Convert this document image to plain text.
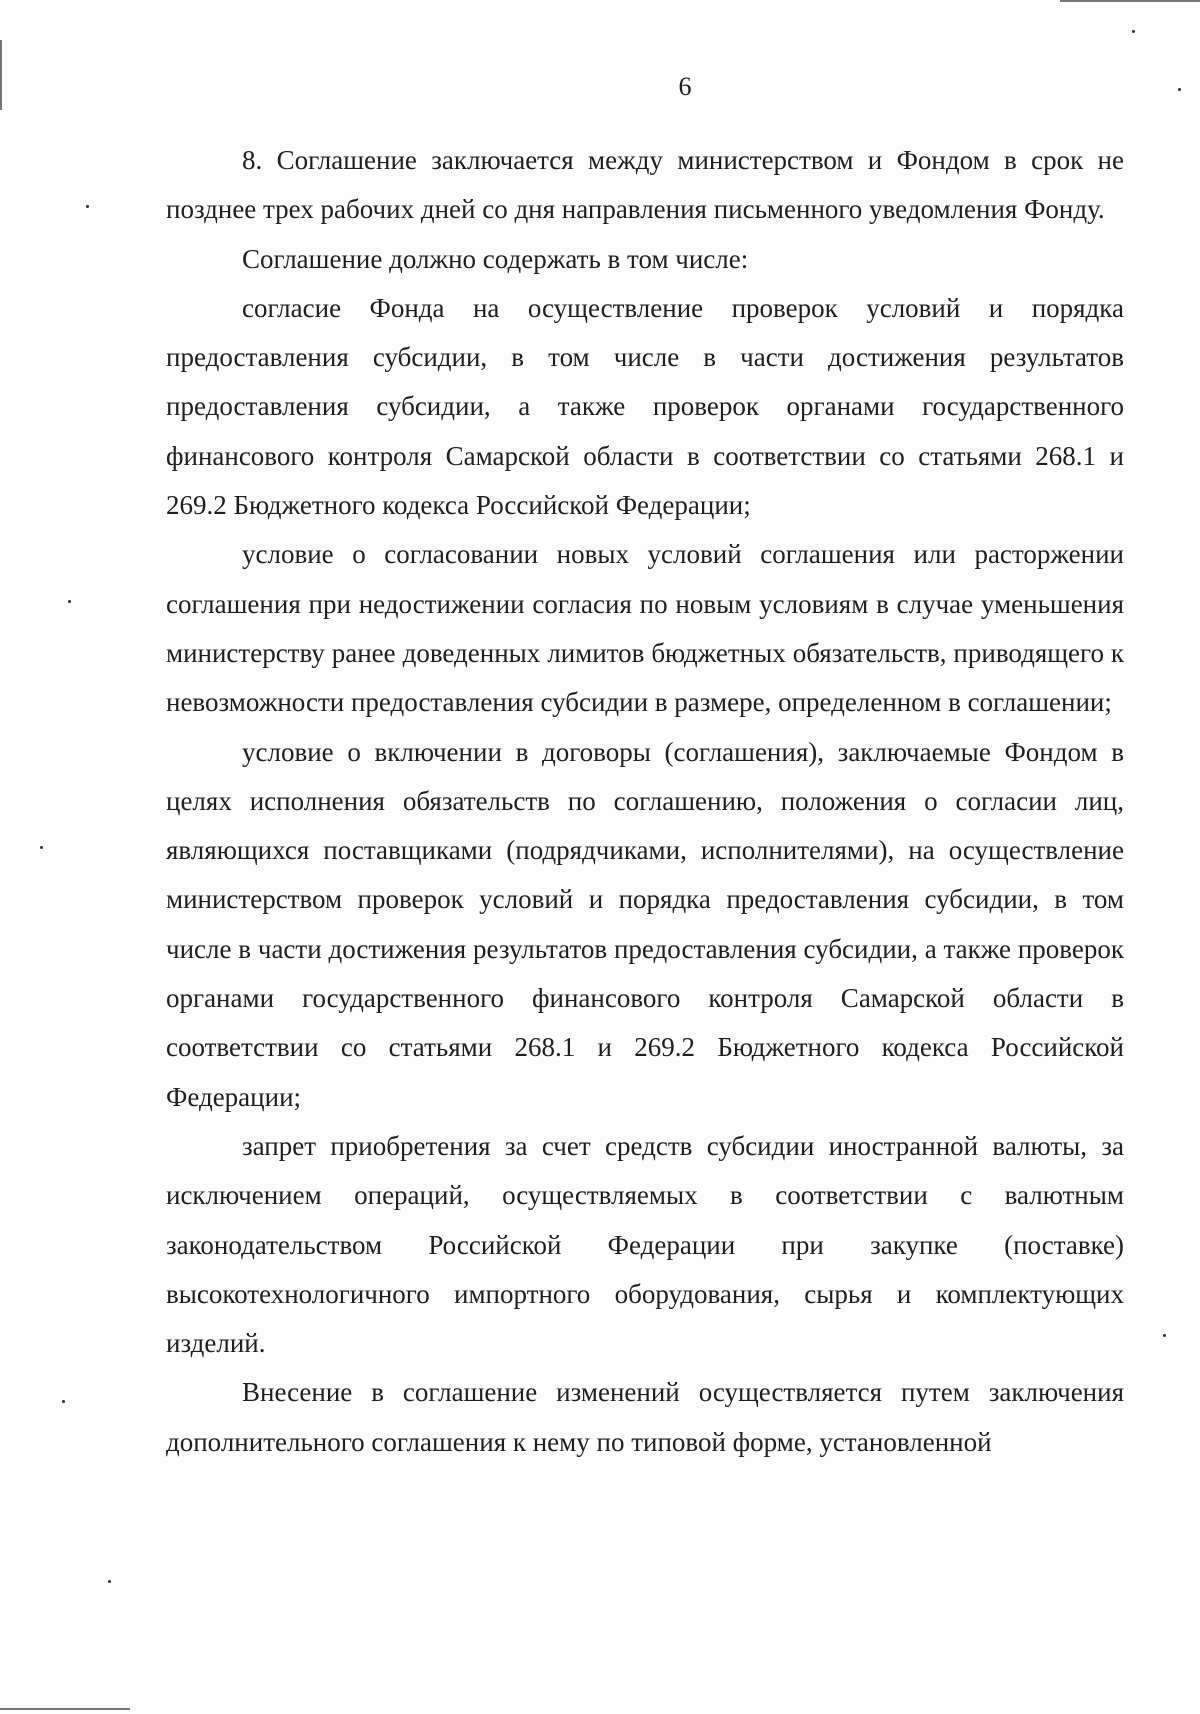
6

8. Соглашение заключается между министерством и Фондом в срок не позднее трех рабочих дней со дня направления письменного уведомления Фонду.

Соглашение должно содержать в том числе:

согласие Фонда на осуществление проверок условий и порядка предоставления субсидии, в том числе в части достижения результатов предоставления субсидии, а также проверок органами государственного финансового контроля Самарской области в соответствии со статьями 268.1 и 269.2 Бюджетного кодекса Российской Федерации;

условие о согласовании новых условий соглашения или расторжении соглашения при недостижении согласия по новым условиям в случае уменьшения министерству ранее доведенных лимитов бюджетных обязательств, приводящего к невозможности предоставления субсидии в размере, определенном в соглашении;

условие о включении в договоры (соглашения), заключаемые Фондом в целях исполнения обязательств по соглашению, положения о согласии лиц, являющихся поставщиками (подрядчиками, исполнителями), на осуществление министерством проверок условий и порядка предоставления субсидии, в том числе в части достижения результатов предоставления субсидии, а также проверок органами государственного финансового контроля Самарской области в соответствии со статьями 268.1 и 269.2 Бюджетного кодекса Российской Федерации;

запрет приобретения за счет средств субсидии иностранной валюты, за исключением операций, осуществляемых в соответствии с валютным законодательством Российской Федерации при закупке (поставке) высокотехнологичного импортного оборудования, сырья и комплектующих изделий.

Внесение в соглашение изменений осуществляется путем заключения дополнительного соглашения к нему по типовой форме, установленной
